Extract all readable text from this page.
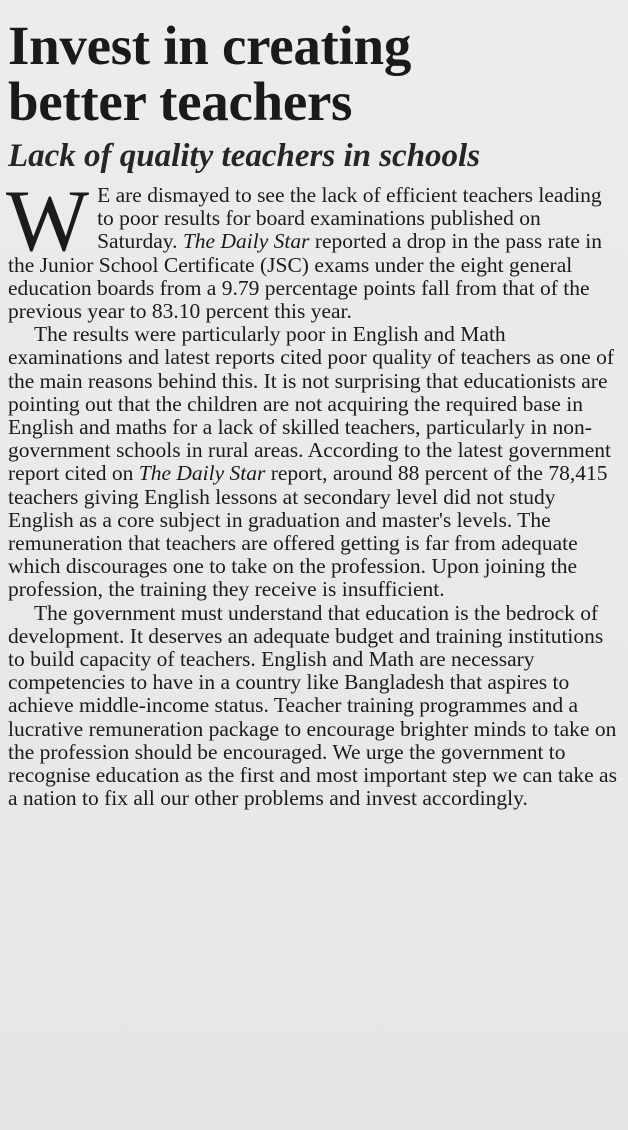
Invest in creating
better teachers
Lack of quality teachers in schools

W E are dismayed to see the lack of efficient teachers leading to poor results for board examinations published on Saturday. The Daily Star reported a drop in the pass rate in the Junior School Certificate (JSC) exams under the eight general education boards from a 9.79 percentage points fall from that of the previous year to 83.10 percent this year.

The results were particularly poor in English and Math examinations and latest reports cited poor quality of teachers as one of the main reasons behind this. It is not surprising that educationists are pointing out that the children are not acquiring the required base in English and maths for a lack of skilled teachers, particularly in non-government schools in rural areas. According to the latest government report cited on The Daily Star report, around 88 percent of the 78,415 teachers giving English lessons at secondary level did not study English as a core subject in graduation and master's levels. The remuneration that teachers are offered getting is far from adequate which discourages one to take on the profession. Upon joining the profession, the training they receive is insufficient.

The government must understand that education is the bedrock of development. It deserves an adequate budget and training institutions to build capacity of teachers. English and Math are necessary competencies to have in a country like Bangladesh that aspires to achieve middle-income status. Teacher training programmes and a lucrative remuneration package to encourage brighter minds to take on the profession should be encouraged. We urge the government to recognise education as the first and most important step we can take as a nation to fix all our other problems and invest accordingly.
